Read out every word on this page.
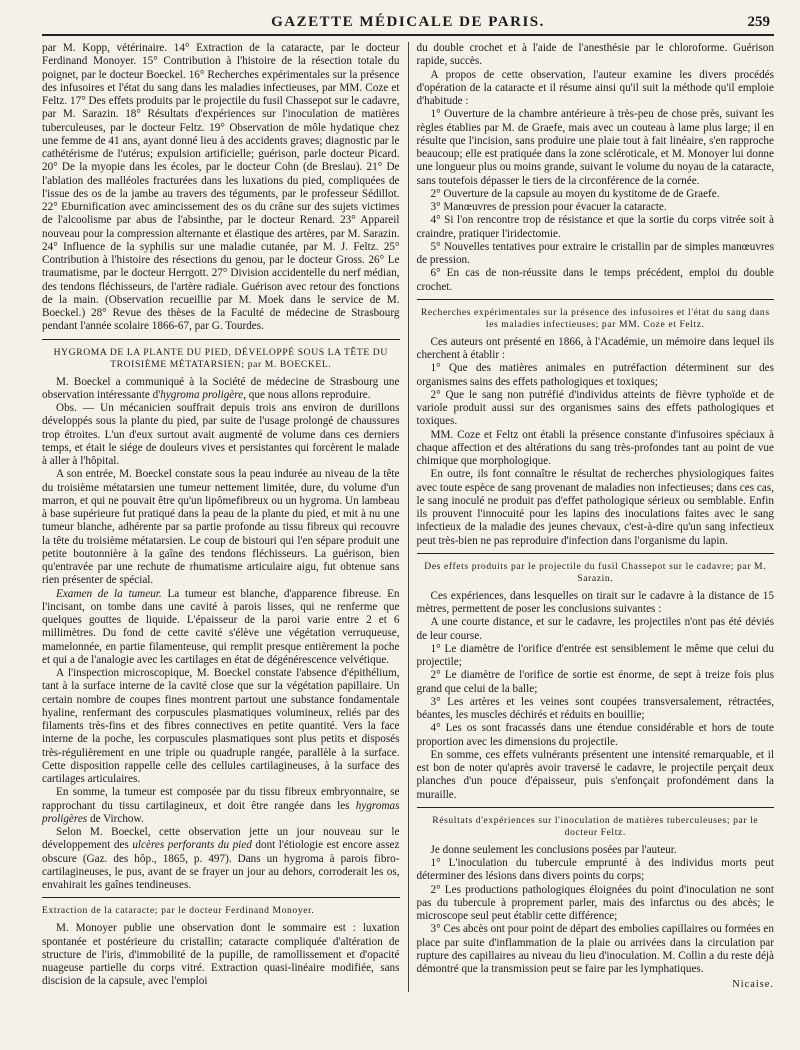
GAZETTE MÉDICALE DE PARIS.	259

par M. Kopp, vétérinaire. 14° Extraction de la cataracte, par le docteur Ferdinand Monoyer. 15° Contribution à l'histoire de la résection totale du poignet, par le docteur Boeckel. 16° Recherches expérimentales sur la présence des infusoires et l'état du sang dans les maladies infectieuses, par MM. Coze et Feltz. 17° Des effets produits par le projectile du fusil Chassepot sur le cadavre, par M. Sarazin. 18° Résultats d'expériences sur l'inoculation de matières tuberculeuses, par le docteur Feltz. 19° Observation de môle hydatique chez une femme de 41 ans, ayant donné lieu à des accidents graves; diagnostic par le cathétérisme de l'utérus; expulsion artificielle; guérison, parle docteur Picard. 20° De la myopie dans les écoles, par le docteur Cohn (de Breslau). 21° De l'ablation des malléoles fracturées dans les luxations du pied, compliquées de l'issue des os de la jambe au travers des téguments, par le professeur Sédillot. 22° Eburnification avec amincissement des os du crâne sur des sujets victimes de l'alcoolisme par abus de l'absinthe, par le docteur Renard. 23° Appareil nouveau pour la compression alternante et élastique des artères, par M. Sarazin. 24° Influence de la syphilis sur une maladie cutanée, par M. J. Feltz. 25° Contribution à l'histoire des résections du genou, par le docteur Gross. 26° Le traumatisme, par le docteur Herrgott. 27° Division accidentelle du nerf médian, des tendons fléchisseurs, de l'artère radiale. Guérison avec retour des fonctions de la main. (Observation recueillie par M. Moek dans le service de M. Boeckel.) 28° Revue des thèses de la Faculté de médecine de Strasbourg pendant l'année scolaire 1866-67, par G. Tourdes.

HYGROMA DE LA PLANTE DU PIED, DÉVELOPPÉ SOUS LA TÊTE DU TROISIÈME MÉTATARSIEN; par M. BOECKEL.

M. Boeckel a communiqué à la Société de médecine de Strasbourg une observation intéressante d'hygroma proligère, que nous allons reproduire.

Obs. — Un mécanicien souffrait depuis trois ans environ de durillons développés sous la plante du pied, par suite de l'usage prolongé de chaussures trop étroites. L'un d'eux surtout avait augmenté de volume dans ces derniers temps, et était le siége de douleurs vives et persistantes qui forcèrent le malade à aller à l'hôpital.

A son entrée, M. Boeckel constate sous la peau indurée au niveau de la tête du troisième métatarsien une tumeur nettement limitée, dure, du volume d'un marron, et qui ne pouvait être qu'un lipômefibreux ou un hygroma. Un lambeau à base supérieure fut pratiqué dans la peau de la plante du pied, et mit à nu une tumeur blanche, adhérente par sa partie profonde au tissu fibreux qui recouvre la tête du troisième métatarsien. Le coup de bistouri qui l'en sépare produit une petite boutonnière à la gaîne des tendons fléchisseurs. La guérison, bien qu'entravée par une rechute de rhumatisme articulaire aigu, fut obtenue sans rien présenter de spécial.

Examen de la tumeur. La tumeur est blanche, d'apparence fibreuse. En l'incisant, on tombe dans une cavité à parois lisses, qui ne renferme que quelques gouttes de liquide. L'épaisseur de la paroi varie entre 2 et 6 millimètres. Du fond de cette cavité s'élève une végétation verruqueuse, mamelonnée, en partie filamenteuse, qui remplit presque entièrement la poche et qui a de l'analogie avec les cartilages en état de dégénérescence velvétique.

A l'inspection microscopique, M. Boeckel constate l'absence d'épithélium, tant à la surface interne de la cavité close que sur la végétation papillaire. Un certain nombre de coupes fines montrent partout une substance fondamentale hyaline, renfermant des corpuscules plasmatiques volumineux, reliés par des filaments très-fins et des fibres connectives en petite quantité. Vers la face interne de la poche, les corpuscules plasmatiques sont plus petits et disposés très-régulièrement en une triple ou quadruple rangée, parallèle à la surface. Cette disposition rappelle celle des cellules cartilagineuses, à la surface des cartilages articulaires.

En somme, la tumeur est composée par du tissu fibreux embryonnaire, se rapprochant du tissu cartilagineux, et doit être rangée dans les hygromas proligères de Virchow.

Selon M. Boeckel, cette observation jette un jour nouveau sur le développement des ulcères perforants du pied dont l'étiologie est encore assez obscure (Gaz. des hôp., 1865, p. 497). Dans un hygroma à parois fibro-cartilagineuses, le pus, avant de se frayer un jour au dehors, corroderait les os, envahirait les gaînes tendineuses.

Extraction de la cataracte; par le docteur Ferdinand Monoyer.

M. Monoyer publie une observation dont le sommaire est : luxation spontanée et postérieure du cristallin; cataracte compliquée d'altération de structure de l'iris, d'immobilité de la pupille, de ramollissement et d'opacité nuageuse partielle du corps vitré. Extraction quasi-linéaire modifiée, sans discision de la capsule, avec l'emploi

du double crochet et à l'aide de l'anesthésie par le chloroforme. Guérison rapide, succès.

A propos de cette observation, l'auteur examine les divers procédés d'opération de la cataracte et il résume ainsi qu'il suit la méthode qu'il emploie d'habitude :

1° Ouverture de la chambre antérieure à très-peu de chose près, suivant les règles établies par M. de Graefe, mais avec un couteau à lame plus large; il en résulte que l'incision, sans produire une plaie tout à fait linéaire, s'en rapproche beaucoup; elle est pratiquée dans la zone scléroticale, et M. Monoyer lui donne une longueur plus ou moins grande, suivant le volume du noyau de la cataracte, sans toutefois dépasser le tiers de la circonférence de la cornée.

2° Ouverture de la capsule au moyen du kystitome de de Graefe.

3° Manœuvres de pression pour évacuer la cataracte.

4° Si l'on rencontre trop de résistance et que la sortie du corps vitrée soit à craindre, pratiquer l'iridectomie.

5° Nouvelles tentatives pour extraire le cristallin par de simples manœuvres de pression.

6° En cas de non-réussite dans le temps précédent, emploi du double crochet.

Recherches expérimentales sur la présence des infusoires et l'état du sang dans les maladies infectieuses; par MM. Coze et Feltz.

Ces auteurs ont présenté en 1866, à l'Académie, un mémoire dans lequel ils cherchent à établir :

1° Que des matières animales en putréfaction déterminent sur des organismes sains des effets pathologiques et toxiques;

2° Que le sang non putréfié d'individus atteints de fièvre typhoïde et de variole produit aussi sur des organismes sains des effets pathologiques et toxiques.

MM. Coze et Feltz ont établi la présence constante d'infusoires spéciaux à chaque affection et des altérations du sang très-profondes tant au point de vue chimique que morphologique.

En outre, ils font connaître le résultat de recherches physiologiques faites avec toute espèce de sang provenant de maladies non infectieuses; dans ces cas, le sang inoculé ne produit pas d'effet pathologique sérieux ou semblable. Enfin ils prouvent l'innocuité pour les lapins des inoculations faites avec le sang infectieux de la maladie des jeunes chevaux, c'est-à-dire qu'un sang infectieux peut très-bien ne pas reproduire d'infection dans l'organisme du lapin.

Des effets produits par le projectile du fusil Chassepot sur le cadavre; par M. Sarazin.

Ces expériences, dans lesquelles on tirait sur le cadavre à la distance de 15 mètres, permettent de poser les conclusions suivantes :

A une courte distance, et sur le cadavre, les projectiles n'ont pas été déviés de leur course.

1° Le diamètre de l'orifice d'entrée est sensiblement le même que celui du projectile;

2° Le diamètre de l'orifice de sortie est énorme, de sept à treize fois plus grand que celui de la balle;

3° Les artères et les veines sont coupées transversalement, rétractées, béantes, les muscles déchirés et réduits en bouillie;

4° Les os sont fracassés dans une étendue considérable et hors de toute proportion avec les dimensions du projectile.

En somme, ces effets vulnérants présentent une intensité remarquable, et il est bon de noter qu'après avoir traversé le cadavre, le projectile perçait deux planches d'un pouce d'épaisseur, puis s'enfonçait profondément dans la muraille.

Résultats d'expériences sur l'inoculation de matières tuberculeuses; par le docteur Feltz.

Je donne seulement les conclusions posées par l'auteur.

1° L'inoculation du tubercule emprunté à des individus morts peut déterminer des lésions dans divers points du corps;

2° Les productions pathologiques éloignées du point d'inoculation ne sont pas du tubercule à proprement parler, mais des infarctus ou des abcès; le microscope seul peut établir cette différence;

3° Ces abcès ont pour point de départ des embolies capillaires ou formées en place par suite d'inflammation de la plaie ou arrivées dans la circulation par rupture des capillaires au niveau du lieu d'inoculation. M. Collin a du reste déjà démontré que la transmission peut se faire par les lymphatiques.

Nicaise.
